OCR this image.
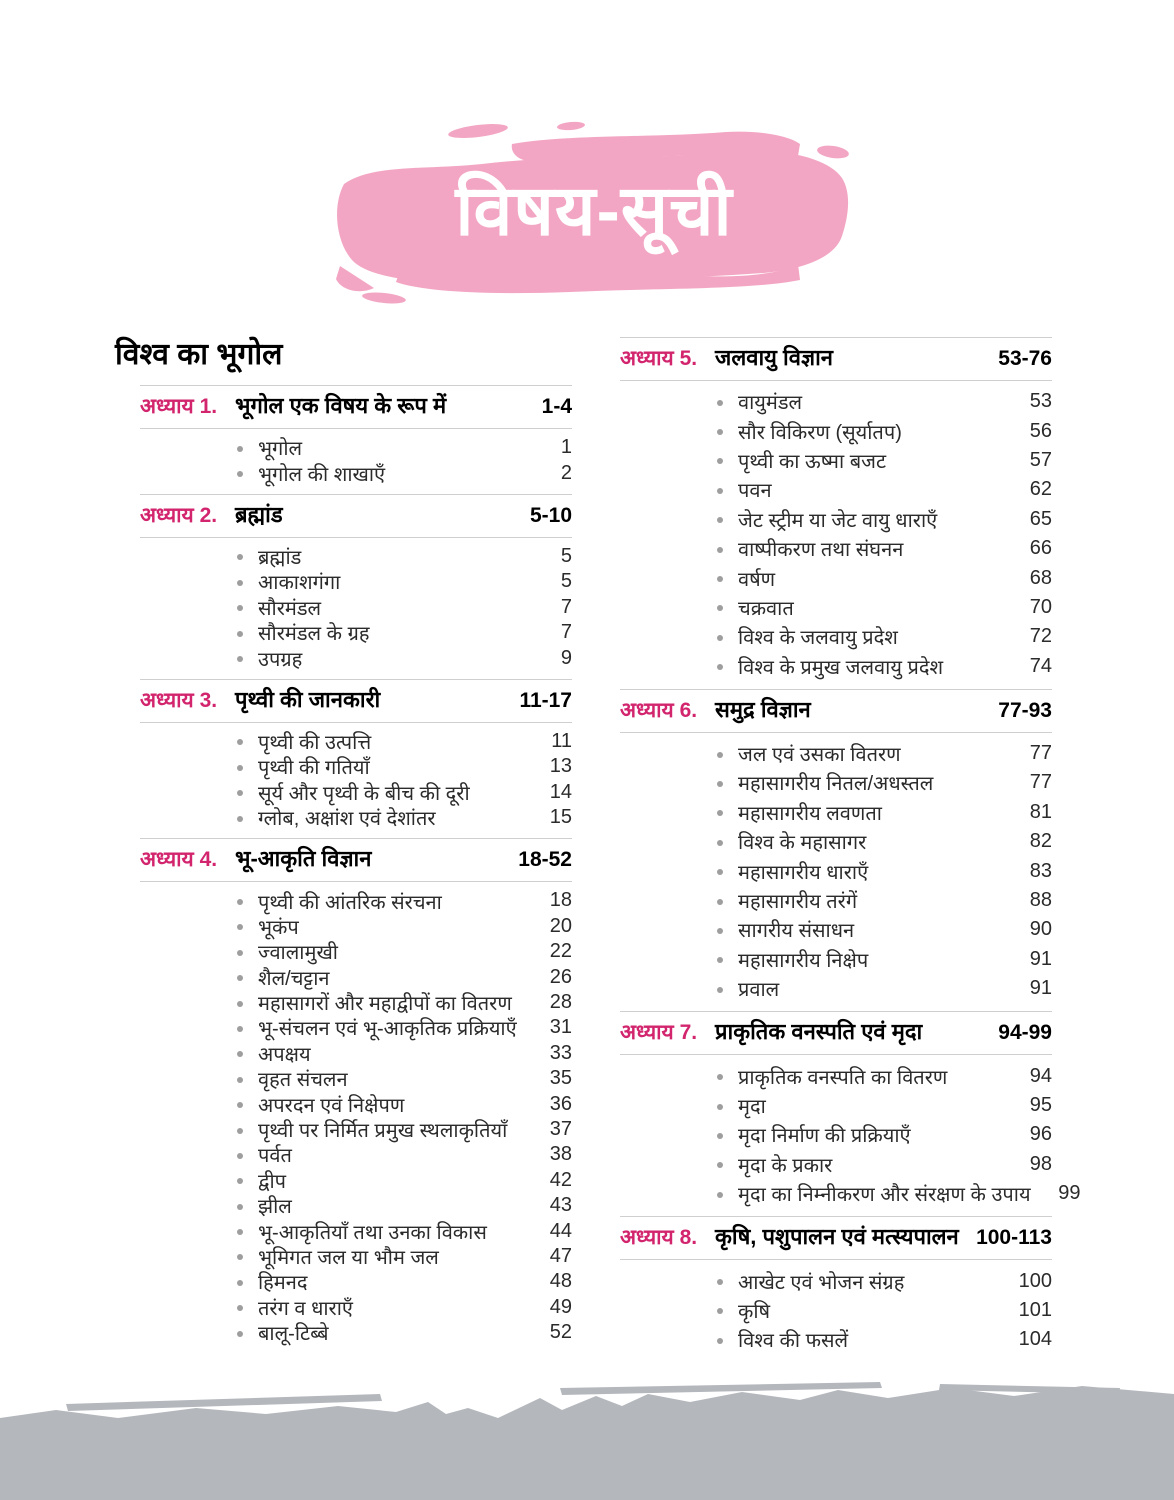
विषय-सूची
विश्व का भूगोल
अध्याय 1. भूगोल एक विषय के रूप में	1-4
भूगोल	1
भूगोल की शाखाएँ	2
अध्याय 2. ब्रह्मांड	5-10
ब्रह्मांड	5
आकाशगंगा	5
सौरमंडल	7
सौरमंडल के ग्रह	7
उपग्रह	9
अध्याय 3. पृथ्वी की जानकारी	11-17
पृथ्वी की उत्पत्ति	11
पृथ्वी की गतियाँ	13
सूर्य और पृथ्वी के बीच की दूरी	14
ग्लोब, अक्षांश एवं देशांतर	15
अध्याय 4. भू-आकृति विज्ञान	18-52
पृथ्वी की आंतरिक संरचना	18
भूकंप	20
ज्वालामुखी	22
शैल/चट्टान	26
महासागरों और महाद्वीपों का वितरण	28
भू-संचलन एवं भू-आकृतिक प्रक्रियाएँ	31
अपक्षय	33
वृहत संचलन	35
अपरदन एवं निक्षेपण	36
पृथ्वी पर निर्मित प्रमुख स्थलाकृतियाँ	37
पर्वत	38
द्वीप	42
झील	43
भू-आकृतियाँ तथा उनका विकास	44
भूमिगत जल या भौम जल	47
हिमनद	48
तरंग व धाराएँ	49
बालू-टिब्बे	52
अध्याय 5. जलवायु विज्ञान	53-76
वायुमंडल	53
सौर विकिरण (सूर्यातप)	56
पृथ्वी का ऊष्मा बजट	57
पवन	62
जेट स्ट्रीम या जेट वायु धाराएँ	65
वाष्पीकरण तथा संघनन	66
वर्षण	68
चक्रवात	70
विश्व के जलवायु प्रदेश	72
विश्व के प्रमुख जलवायु प्रदेश	74
अध्याय 6. समुद्र विज्ञान	77-93
जल एवं उसका वितरण	77
महासागरीय नितल/अधस्तल	77
महासागरीय लवणता	81
विश्व के महासागर	82
महासागरीय धाराएँ	83
महासागरीय तरंगें	88
सागरीय संसाधन	90
महासागरीय निक्षेप	91
प्रवाल	91
अध्याय 7. प्राकृतिक वनस्पति एवं मृदा	94-99
प्राकृतिक वनस्पति का वितरण	94
मृदा	95
मृदा निर्माण की प्रक्रियाएँ	96
मृदा के प्रकार	98
मृदा का निम्नीकरण और संरक्षण के उपाय	99
अध्याय 8. कृषि, पशुपालन एवं मत्स्यपालन 100-113
आखेट एवं भोजन संग्रह	100
कृषि	101
विश्व की फसलें	104
